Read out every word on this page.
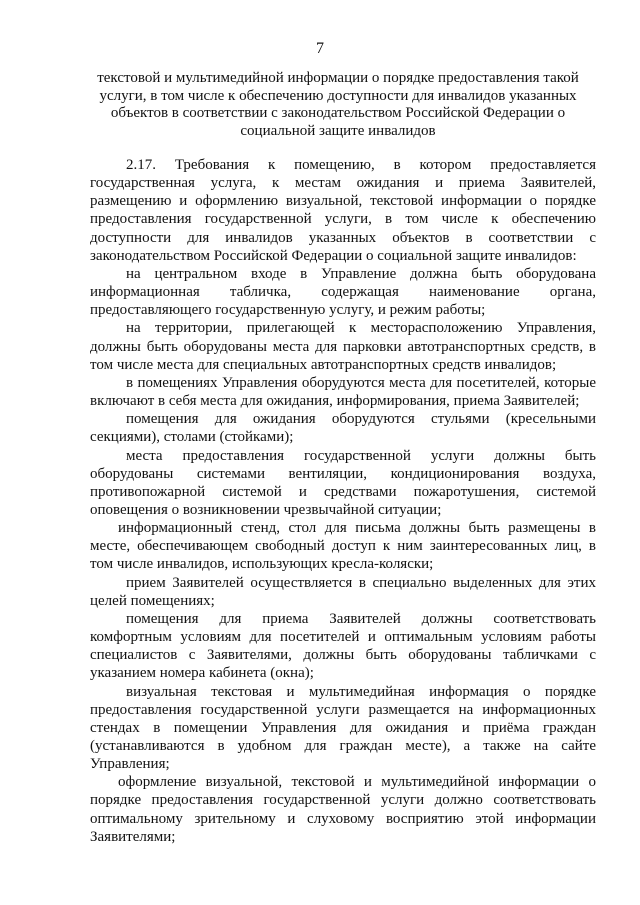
7
текстовой и мультимедийной информации о порядке предоставления такой услуги, в том числе к обеспечению доступности для инвалидов указанных объектов в соответствии с законодательством Российской Федерации о социальной защите инвалидов

2.17. Требования к помещению, в котором предоставляется государственная услуга, к местам ожидания и приема Заявителей, размещению и оформлению визуальной, текстовой информации о порядке предоставления государственной услуги, в том числе к обеспечению доступности для инвалидов указанных объектов в соответствии с законодательством Российской Федерации о социальной защите инвалидов:

на центральном входе в Управление должна быть оборудована информационная табличка, содержащая наименование органа, предоставляющего государственную услугу, и режим работы;

на территории, прилегающей к месторасположению Управления, должны быть оборудованы места для парковки автотранспортных средств, в том числе места для специальных автотранспортных средств инвалидов;

в помещениях Управления оборудуются места для посетителей, которые включают в себя места для ожидания, информирования, приема Заявителей;

помещения для ожидания оборудуются стульями (кресельными секциями), столами (стойками);

места предоставления государственной услуги должны быть оборудованы системами вентиляции, кондиционирования воздуха, противопожарной системой и средствами пожаротушения, системой оповещения о возникновении чрезвычайной ситуации;

информационный стенд, стол для письма должны быть размещены в месте, обеспечивающем свободный доступ к ним заинтересованных лиц, в том числе инвалидов, использующих кресла-коляски;

прием Заявителей осуществляется в специально выделенных для этих целей помещениях;

помещения для приема Заявителей должны соответствовать комфортным условиям для посетителей и оптимальным условиям работы специалистов с Заявителями, должны быть оборудованы табличками с указанием номера кабинета (окна);

визуальная текстовая и мультимедийная информация о порядке предоставления государственной услуги размещается на информационных стендах в помещении Управления для ожидания и приёма граждан (устанавливаются в удобном для граждан месте), а также на сайте Управления;

оформление визуальной, текстовой и мультимедийной информации о порядке предоставления государственной услуги должно соответствовать оптимальному зрительному и слуховому восприятию этой информации Заявителями;
